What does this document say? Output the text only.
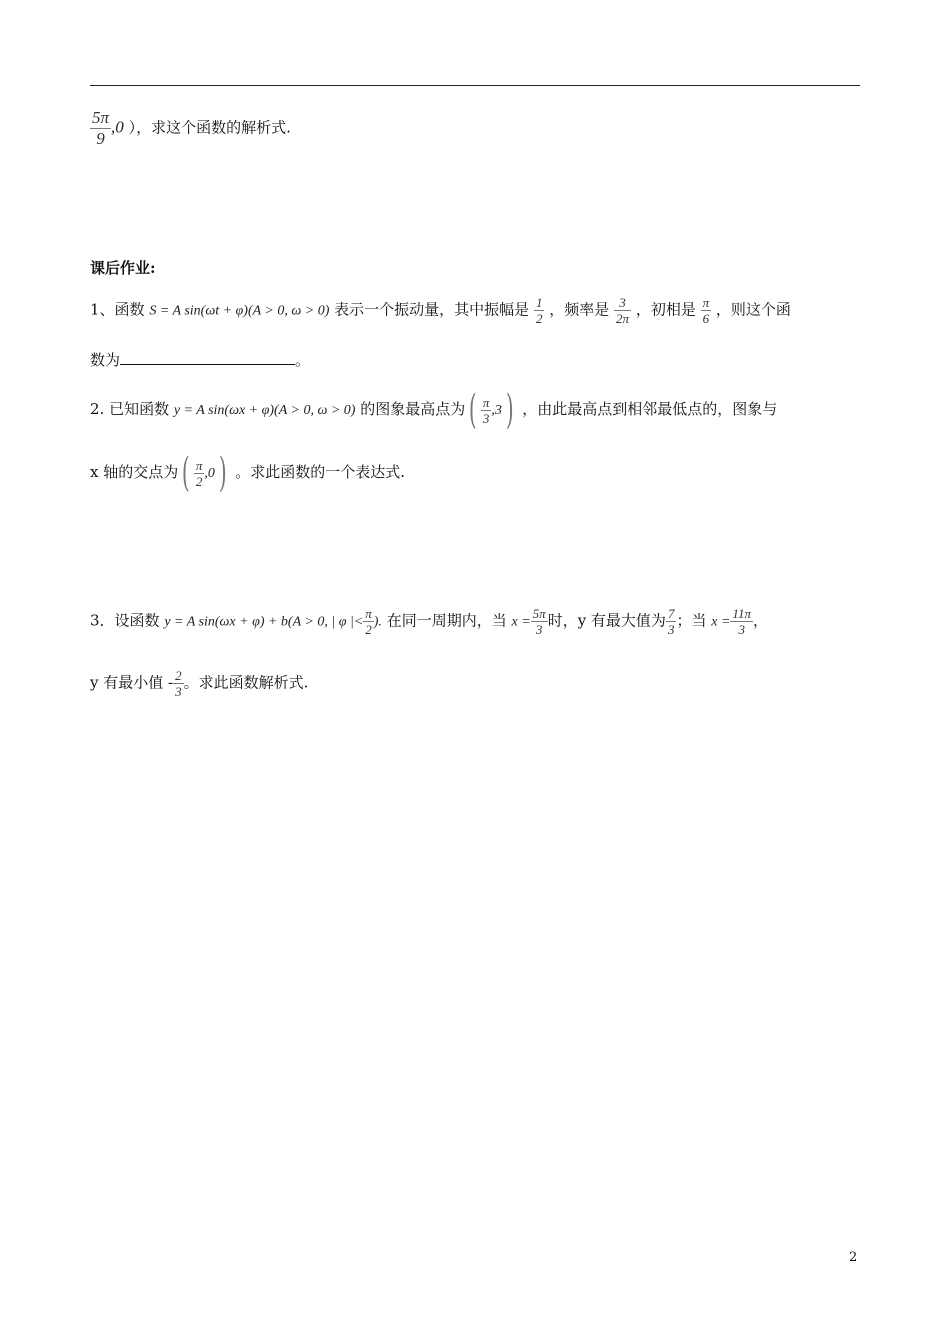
$\frac{5\pi}{9} ,0$ ），求这个函数的解析式.
课后作业:
1、函数 S = A sin(ωt + φ)(A > 0, ω > 0) 表示一个振动量，其中振幅是 $\frac{1}{2}$ ，频率是 $\frac{3}{2\pi}$ ，初相是 $\frac{\pi}{6}$ ，则这个函
数为	。
2. 已知函数 y = A sin(ωx + φ)(A > 0, ω > 0) 的图象最高点为( $\frac{\pi}{3} ,3$) ，由此最高点到相邻最低点的，图象与
x 轴的交点为( $\frac{\pi}{2} ,0$) 。求此函数的一个表达式.
3．设函数 y = A sin(ωx + φ) + b(A > 0, | φ |< $\frac{\pi}{2}$ ). 在同一周期内，当 $x = \frac{5\pi}{3}$ 时，y 有最大值为 $\frac{7}{3}$ ；当 $x = \frac{11\pi}{3}$ ，
y 有最小值 - $\frac{2}{3}$ 。求此函数解析式.
2
